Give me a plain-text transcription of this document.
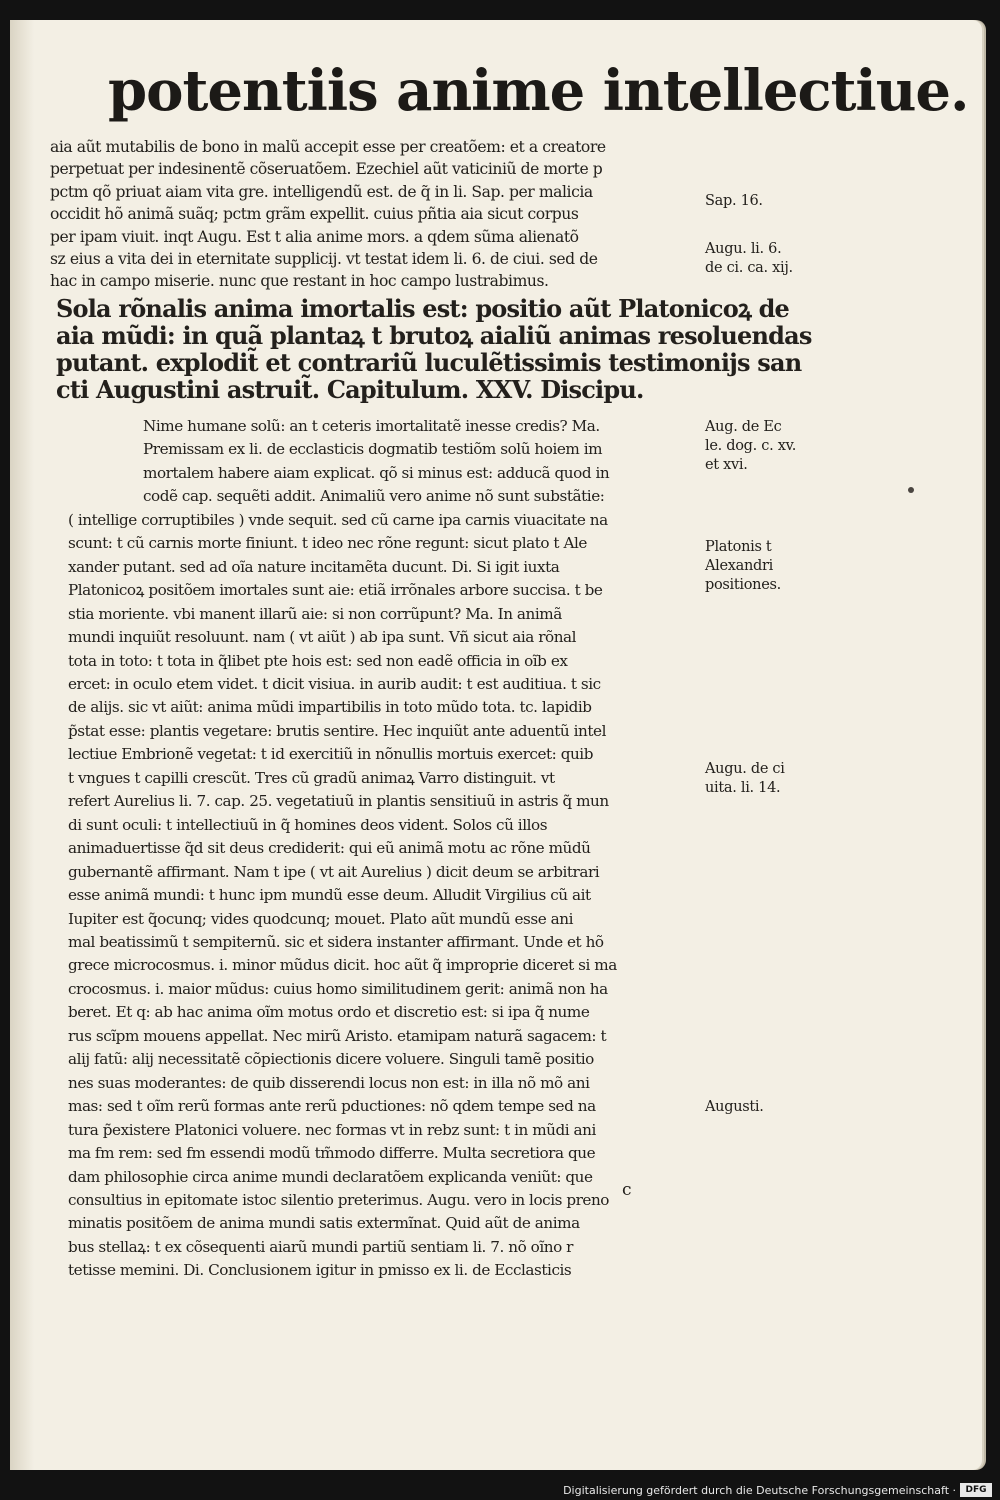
potentiis anime intellectiue.
aia aũt mutabilis de bono in malũ accepit esse per creatõem: et a creatore
perpetuat per indesinentẽ cõseruatõem. Ezechiel aũt vaticiniũ de morte p
pctm qõ priuat aiam vita gre. intelligendũ est. de q̃ in li. Sap. per malicia
occidit hõ animã suãq; pctm grãm expellit. cuius pñtia aia sicut corpus
per ipam viuit. inqt Augu. Est t alia anime mors. a qdem sũma alienatõ
sz eius a vita dei in eternitate supplicij. vt testat idem li. 6. de ciui. sed de
hac in campo miserie. nunc que restant in hoc campo lustrabimus.
Sola rõnalis anima imortalis est: positio aũt Platonicoꝝ de
aia mũdi: in quã plantaꝝ t brutoꝝ aialiũ animas resoluendas
putant. explodit̃ et contrariũ luculẽtissimis testimonijs san
cti Augustini astruit̃. Capitulum. XXV. Discipu.
Nime humane solũ: an t ceteris imortalitatẽ inesse credis? Ma.
Premissam ex li. de ecclasticis dogmatib testiõm solũ hoiem im
mortalem habere aiam explicat. qõ si minus est: adducã quod in
codẽ cap. sequẽti addit. Animaliũ vero anime nõ sunt substãtie:
( intellige corruptibiles ) vnde sequit. sed cũ carne ipa carnis viuacitate na
scunt: t cũ carnis morte finiunt. t ideo nec rõne regunt: sicut plato t Ale
xander putant. sed ad oĩa nature incitamẽta ducunt. Di. Si igit iuxta
Platonicoꝝ positõem imortales sunt aie: etiã irrõnales arbore succisa. t be
stia moriente. vbi manent illarũ aie: si non corrũpunt? Ma. In animã
mundi inquiũt resoluunt. nam ( vt aiũt ) ab ipa sunt. Vñ sicut aia rõnal
tota in toto: t tota in q̃libet pte hois est: sed non eadẽ officia in oĩb ex
ercet: in oculo etem videt. t dicit visiua. in aurib audit: t est auditiua. t sic
de alijs. sic vt aiũt: anima mũdi impartibilis in toto mũdo tota. tc. lapidib
p̃stat esse: plantis vegetare: brutis sentire. Hec inquiũt ante aduentũ intel
lectiue Embrionẽ vegetat: t id exercitiũ in nõnullis mortuis exercet: quib
t vngues t capilli crescũt. Tres cũ gradũ animaꝝ Varro distinguit. vt
refert Aurelius li. 7. cap. 25. vegetatiuũ in plantis sensitiuũ in astris q̃ mun
di sunt oculi: t intellectiuũ in q̃ homines deos vident. Solos cũ illos
animaduertisse q̃d sit deus crediderit: qui eũ animã motu ac rõne mũdũ
gubernantẽ affirmant. Nam t ipe ( vt ait Aurelius ) dicit deum se arbitrari
esse animã mundi: t hunc ipm mundũ esse deum. Alludit Virgilius cũ ait
Iupiter est q̃ocunq; vides quodcunq; mouet. Plato aũt mundũ esse ani
mal beatissimũ t sempiternũ. sic et sidera instanter affirmant. Unde et hõ
grece microcosmus. i. minor mũdus dicit. hoc aũt q̃ improprie diceret si ma
crocosmus. i. maior mũdus: cuius homo similitudinem gerit: animã non ha
beret. Et q: ab hac anima oĩm motus ordo et discretio est: si ipa q̃ nume
rus scĩpm mouens appellat. Nec mirũ Aristo. etamipam naturã sagacem: t
alij fatũ: alij necessitatẽ cõpiectionis dicere voluere. Singuli tamẽ positio
nes suas moderantes: de quib disserendi locus non est: in illa nõ mõ ani
mas: sed t oĩm rerũ formas ante rerũ pductiones: nõ qdem tempe sed na
tura p̃existere Platonici voluere. nec formas vt in rebz sunt: t in mũdi ani
ma fm rem: sed fm essendi modũ tm̃modo differre. Multa secretiora que
dam philosophie circa anime mundi declaratõem explicanda veniũt: que
consultius in epitomate istoc silentio preterimus. Augu. vero in locis preno
minatis positõem de anima mundi satis extermĩnat. Quid aũt de anima
bus stellaꝝ: t ex cõsequenti aiarũ mundi partiũ sentiam li. 7. nõ oĩno r
tetisse memini. Di. Conclusionem igitur in pmisso ex li. de Ecclasticis
Sap. 16.
Augu. li. 6.
de ci. ca. xij.
Aug. de Ec
le. dog. c. xv.
et xvi.
Platonis t
Alexandri
positiones.
Augu. de ci
uita. li. 14.
Augusti.
c
Digitalisierung gefördert durch die Deutsche Forschungsgemeinschaft ·	DFG
